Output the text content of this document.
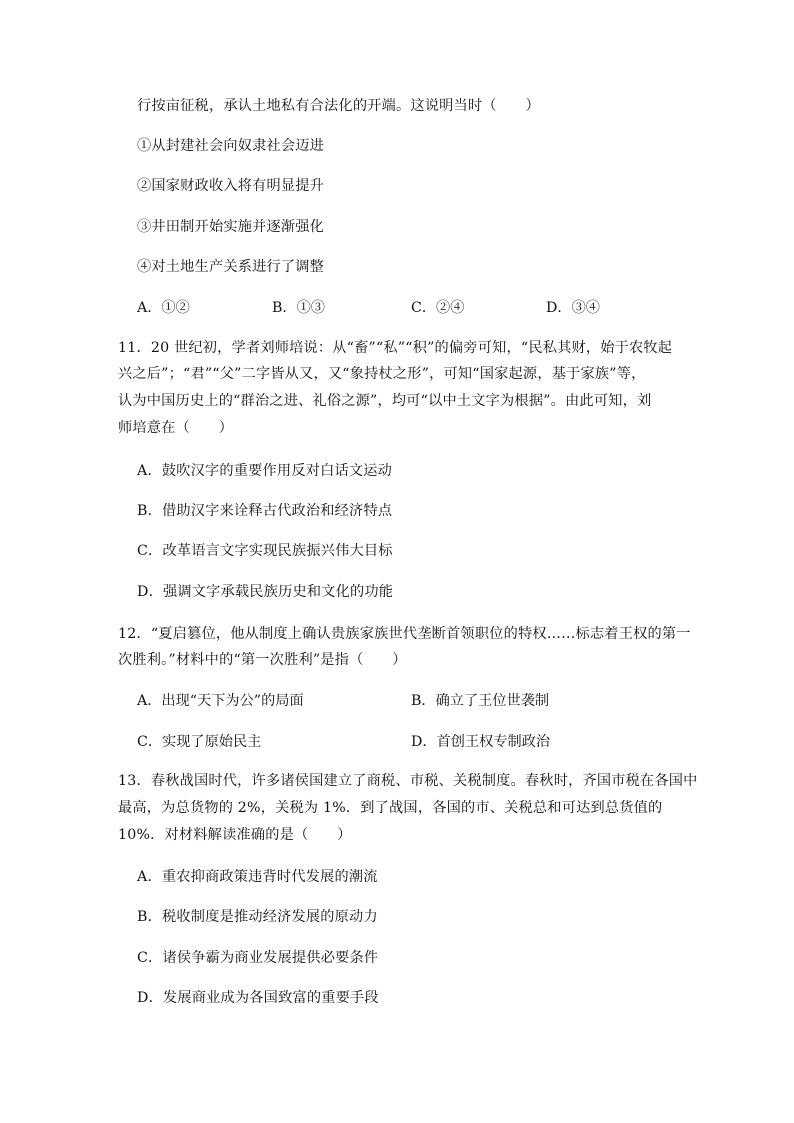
行按亩征税，承认土地私有合法化的开端。这说明当时（　　）
①从封建社会向奴隶社会迈进
②国家财政收入将有明显提升
③井田制开始实施并逐渐强化
④对土地生产关系进行了调整
A．①②	B．①③	C．②④	D．③④
11．20 世纪初，学者刘师培说：从“畜”“私”“积”的偏旁可知，“民私其财，始于农牧起
兴之后”；“君”“父”二字皆从又，又“象持杖之形”，可知“国家起源，基于家族”等，
认为中国历史上的“群治之进、礼俗之源”，均可“以中土文字为根据”。由此可知，刘
师培意在（　　）
A．鼓吹汉字的重要作用反对白话文运动
B．借助汉字来诠释古代政治和经济特点
C．改革语言文字实现民族振兴伟大目标
D．强调文字承载民族历史和文化的功能
12．“夏启篡位，他从制度上确认贵族家族世代垄断首领职位的特权……标志着王权的第一
次胜利。”材料中的“第一次胜利”是指（　　）
A．出现“天下为公”的局面	B．确立了王位世袭制
C．实现了原始民主	D．首创王权专制政治
13．春秋战国时代，许多诸侯国建立了商税、市税、关税制度。春秋时，齐国市税在各国中
最高，为总货物的 2%，关税为 1%．到了战国，各国的市、关税总和可达到总货值的
10%．对材料解读准确的是（　　）
A．重农抑商政策违背时代发展的潮流
B．税收制度是推动经济发展的原动力
C．诸侯争霸为商业发展提供必要条件
D．发展商业成为各国致富的重要手段
